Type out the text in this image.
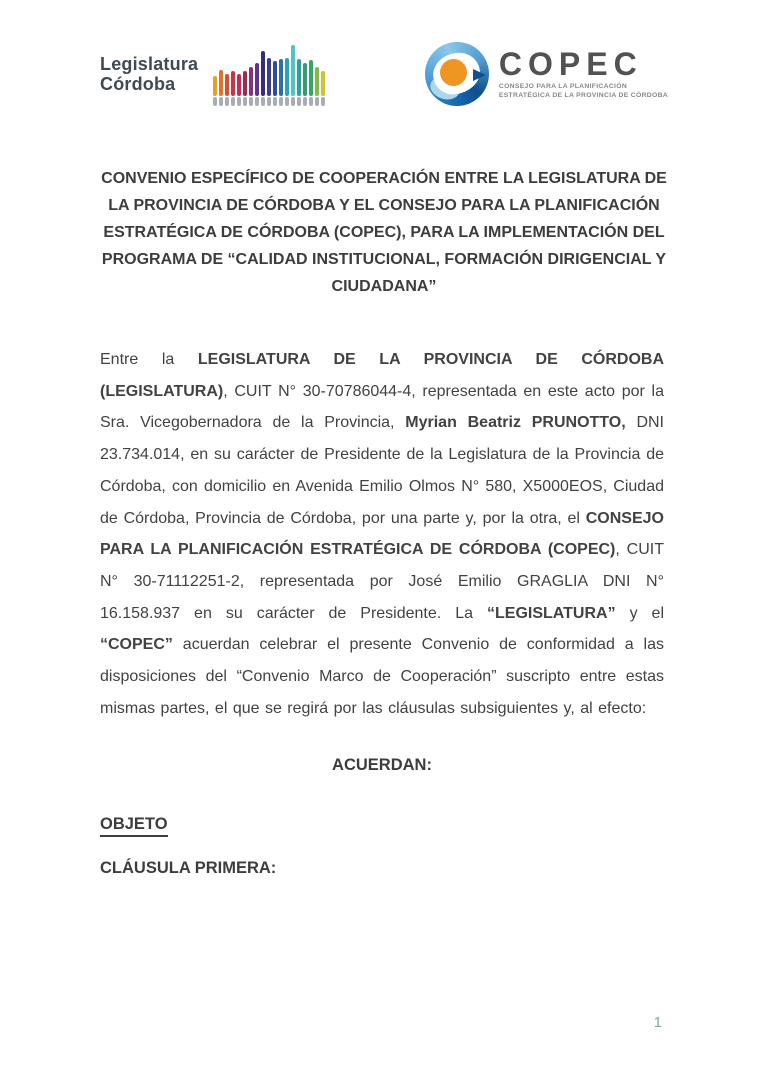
Legislatura
Córdoba
COPEC
CONSEJO PARA LA PLANIFICACIÓN
ESTRATÉGICA DE LA PROVINCIA DE CÓRDOBA
CONVENIO ESPECÍFICO DE COOPERACIÓN ENTRE LA LEGISLATURA DE LA PROVINCIA DE CÓRDOBA Y EL CONSEJO PARA LA PLANIFICACIÓN ESTRATÉGICA DE CÓRDOBA (COPEC), PARA LA IMPLEMENTACIÓN DEL PROGRAMA DE “CALIDAD INSTITUCIONAL, FORMACIÓN DIRIGENCIAL Y CIUDADANA”
Entre la LEGISLATURA DE LA PROVINCIA DE CÓRDOBA (LEGISLATURA), CUIT N° 30-70786044-4, representada en este acto por la Sra. Vicegobernadora de la Provincia, Myrian Beatriz PRUNOTTO, DNI 23.734.014, en su carácter de Presidente de la Legislatura de la Provincia de Córdoba, con domicilio en Avenida Emilio Olmos N° 580, X5000EOS, Ciudad de Córdoba, Provincia de Córdoba, por una parte y, por la otra, el CONSEJO PARA LA PLANIFICACIÓN ESTRATÉGICA DE CÓRDOBA (COPEC), CUIT N° 30-71112251-2, representada por José Emilio GRAGLIA DNI N° 16.158.937 en su carácter de Presidente. La “LEGISLATURA” y el “COPEC” acuerdan celebrar el presente Convenio de conformidad a las disposiciones del “Convenio Marco de Cooperación” suscripto entre estas mismas partes, el que se regirá por las cláusulas subsiguientes y, al efecto:
ACUERDAN:
OBJETO
CLÁUSULA PRIMERA:
1
